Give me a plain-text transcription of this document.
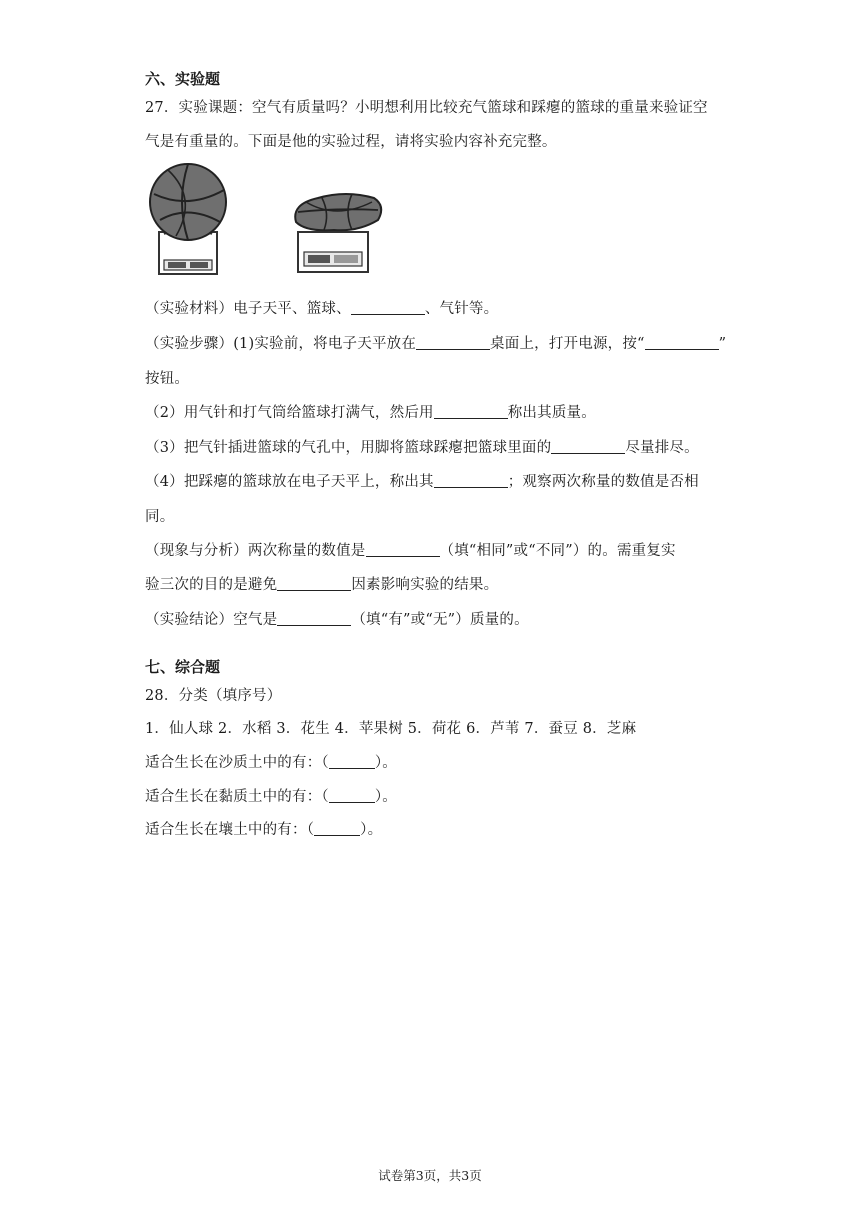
六、实验题
27．实验课题：空气有质量吗？小明想利用比较充气篮球和踩瘪的篮球的重量来验证空
气是有重量的。下面是他的实验过程，请将实验内容补充完整。
（实验材料）电子天平、篮球、	、气针等。
（实验步骤）(1)实验前，将电子天平放在	桌面上，打开电源，按“	”
按钮。
（2）用气针和打气筒给篮球打满气，然后用	称出其质量。
（3）把气针插进篮球的气孔中，用脚将篮球踩瘪把篮球里面的	尽量排尽。
（4）把踩瘪的篮球放在电子天平上，称出其	；观察两次称量的数值是否相
同。
（现象与分析）两次称量的数值是	（填“相同”或“不同”）的。需重复实
验三次的目的是避免	因素影响实验的结果。
（实验结论）空气是	（填“有”或“无”）质量的。
七、综合题
28．分类（填序号）
1．仙人球 2．水稻 3．花生 4．苹果树 5．荷花 6．芦苇 7．蚕豆 8．芝麻
适合生长在沙质土中的有：（	）。
适合生长在黏质土中的有：（	）。
适合生长在壤土中的有：（	）。
试卷第3页，共3页
